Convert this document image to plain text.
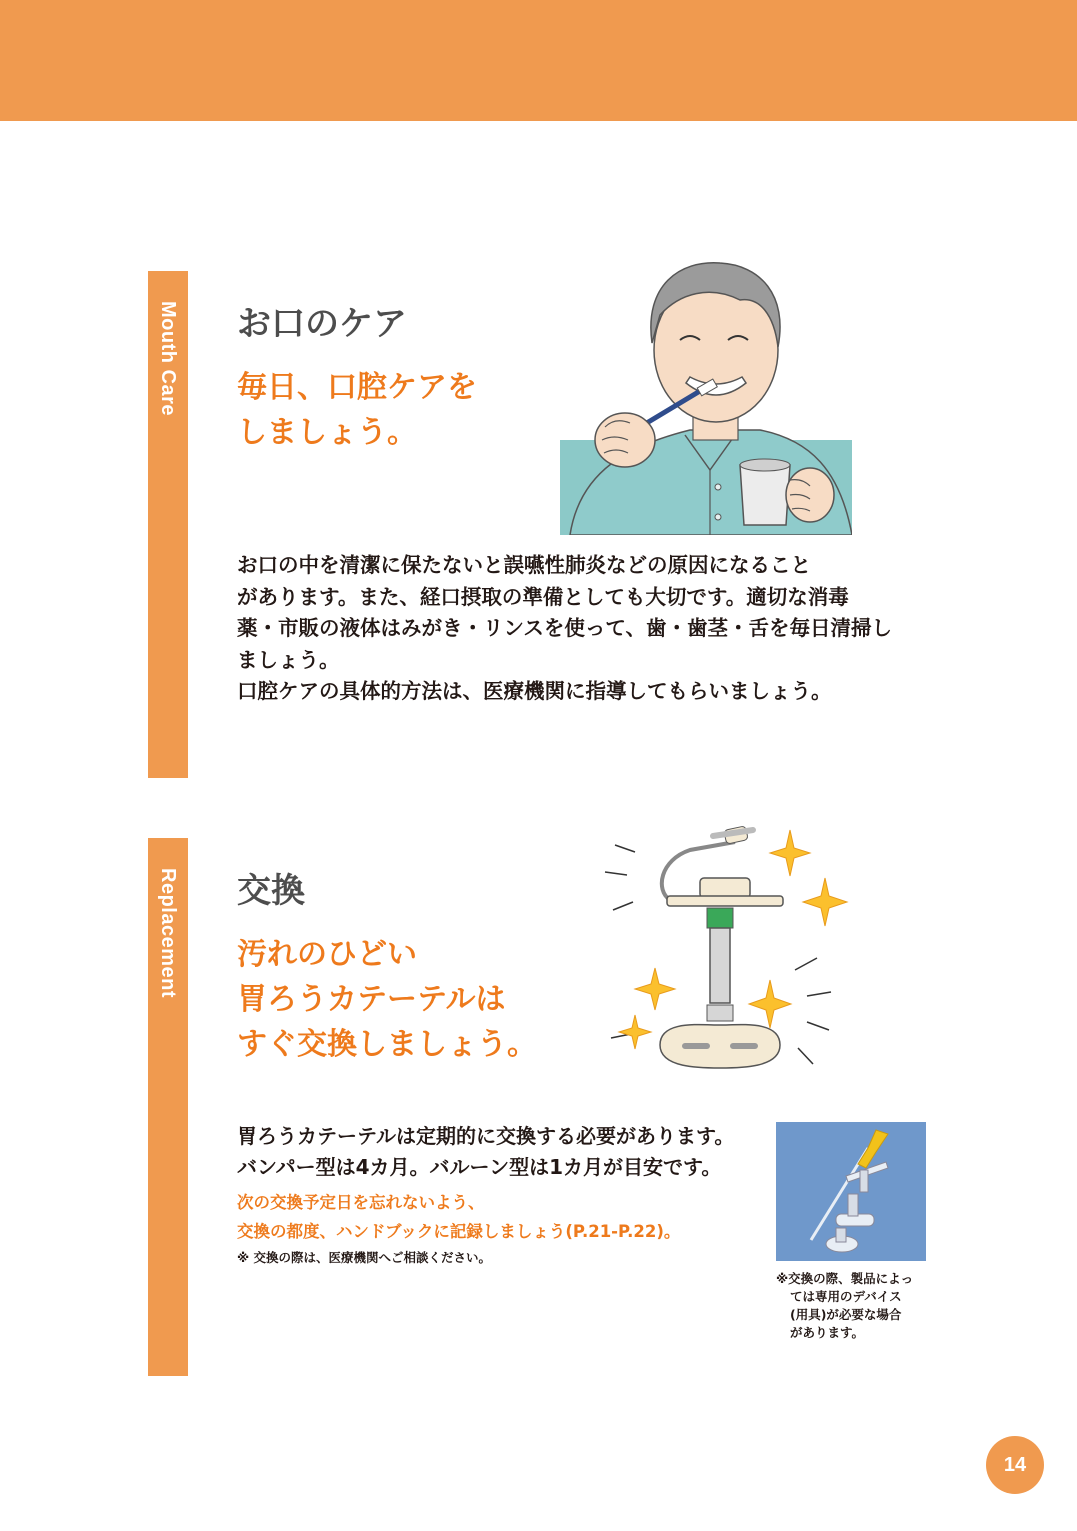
Mouth Care お口のケア
毎日、口腔ケアを
しましょう。
お口の中を清潔に保たないと誤嚥性肺炎などの原因になること
があります。また、経口摂取の準備としても大切です。適切な消毒
薬・市販の液体はみがき・リンスを使って、歯・歯茎・舌を毎日清掃し
ましょう。
口腔ケアの具体的方法は、医療機関に指導してもらいましょう。
Replacement 交換
汚れのひどい
胃ろうカテーテルは
すぐ交換しましょう。
胃ろうカテーテルは定期的に交換する必要があります。
バンパー型は4カ月。バルーン型は1カ月が目安です。
次の交換予定日を忘れないよう、
交換の都度、ハンドブックに記録しましょう(P.21-P.22)。
※ 交換の際は、医療機関へご相談ください。
※交換の際、製品によっ
ては専用のデバイス
(用具)が必要な場合
があります。
14
